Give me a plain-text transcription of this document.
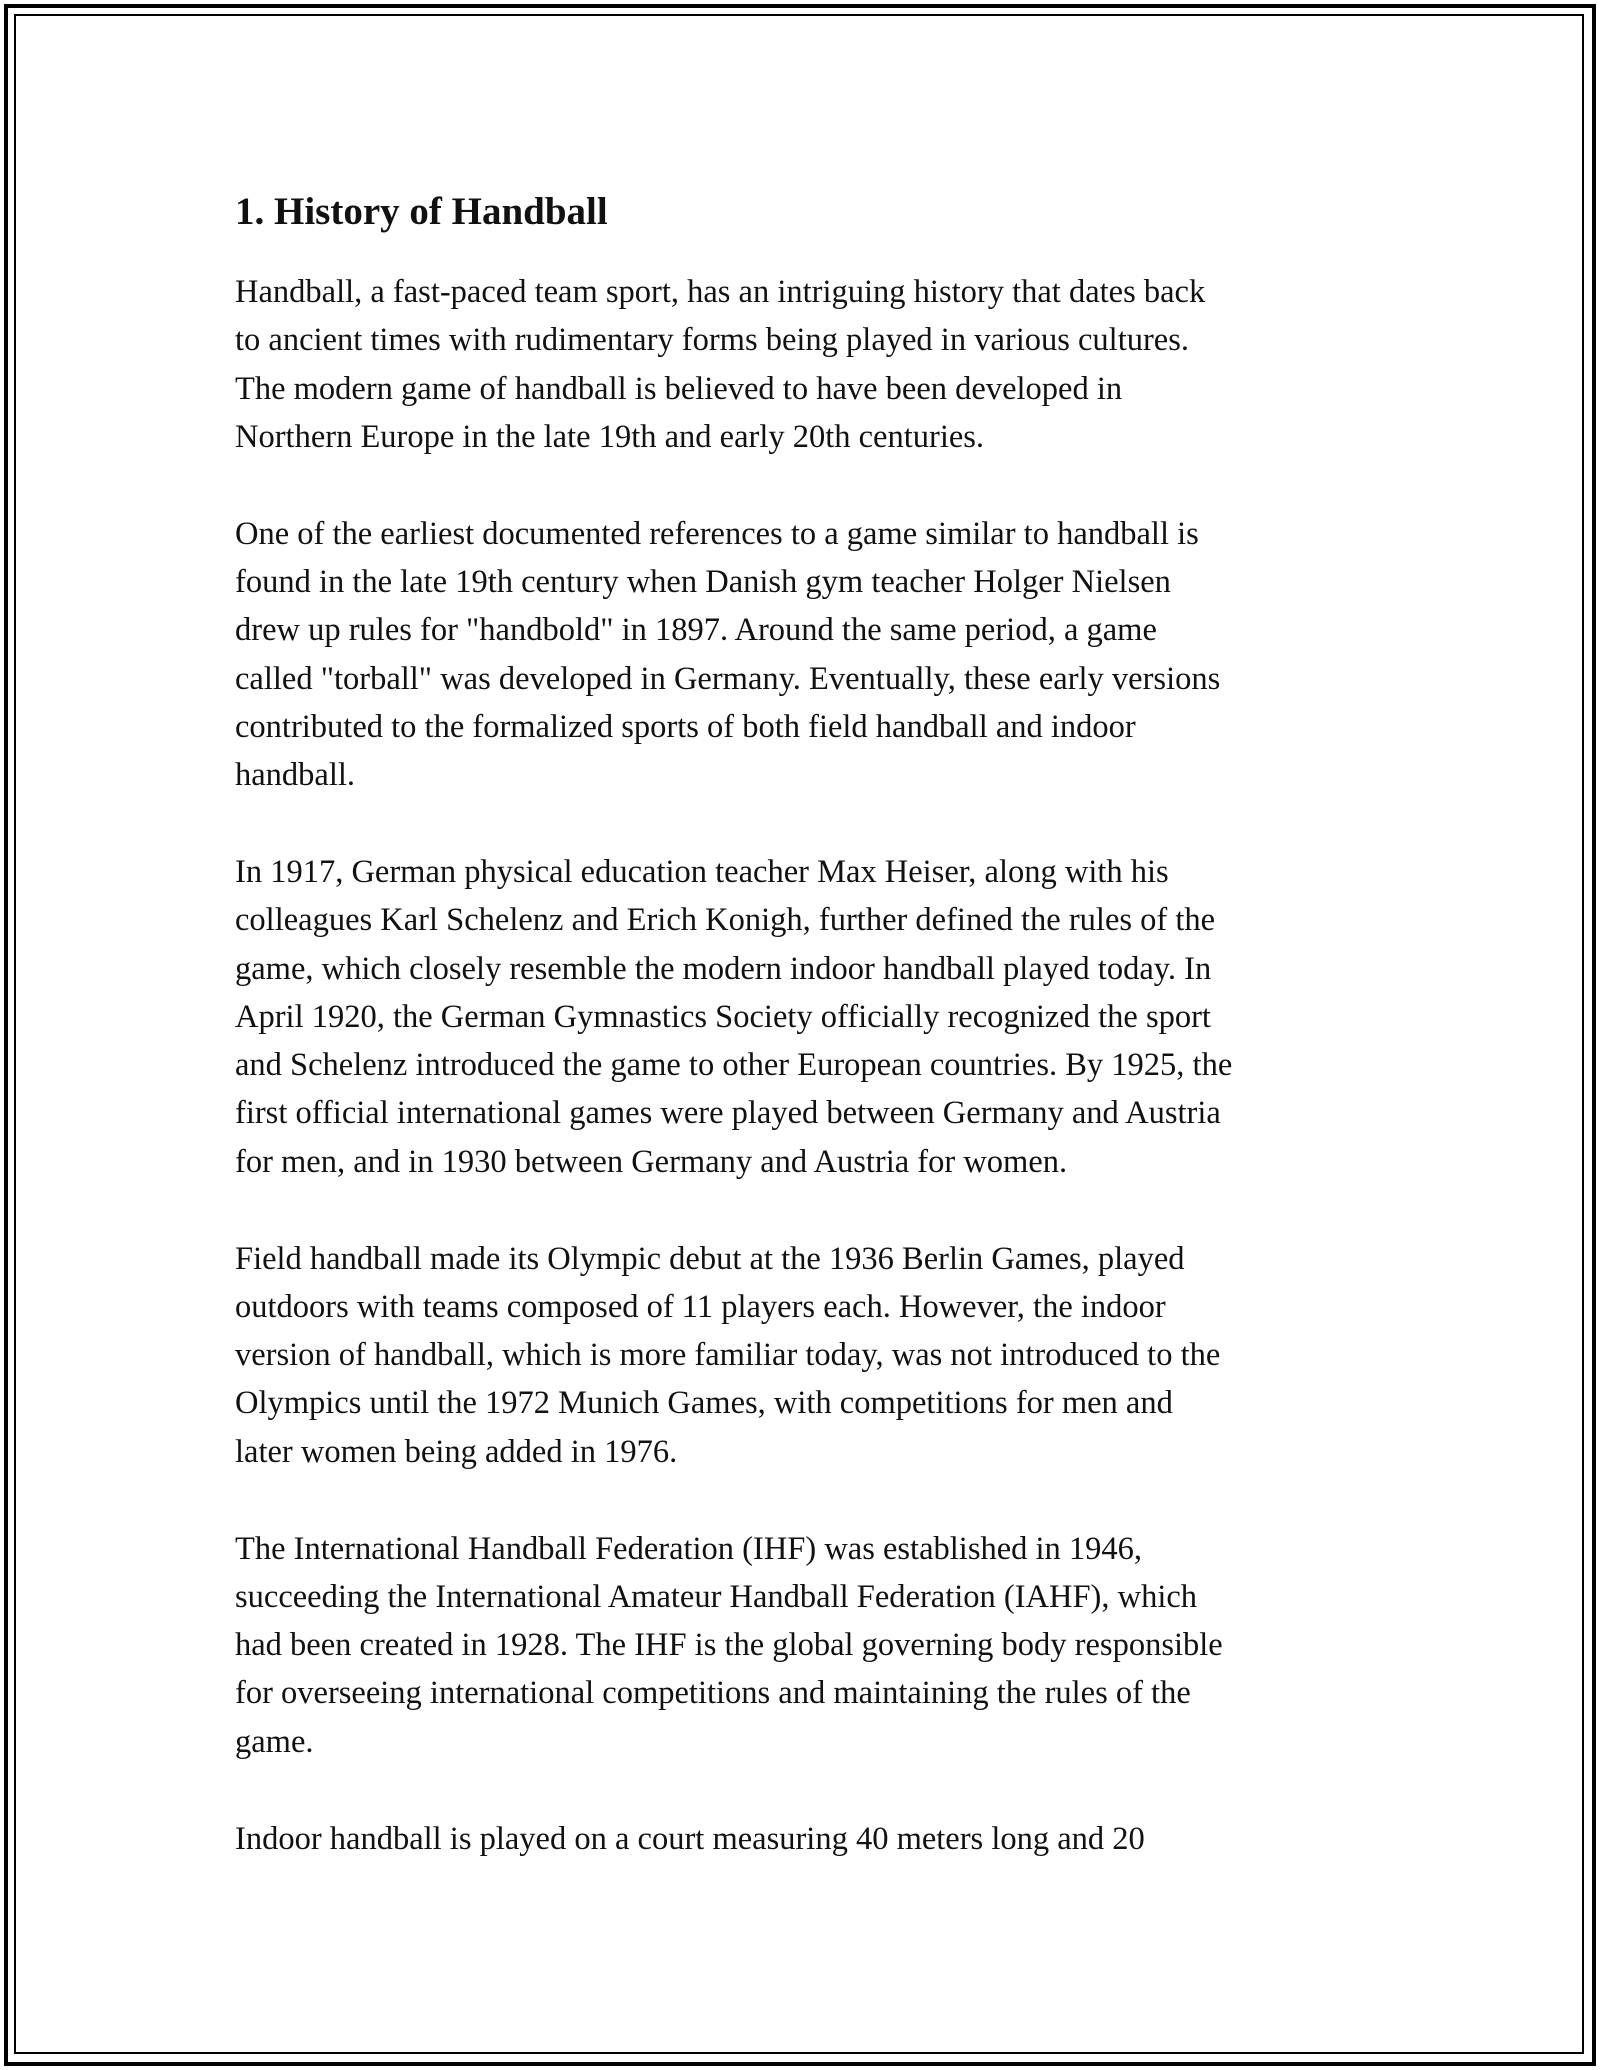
1. History of Handball

Handball, a fast-paced team sport, has an intriguing history that dates back
to ancient times with rudimentary forms being played in various cultures.
The modern game of handball is believed to have been developed in
Northern Europe in the late 19th and early 20th centuries.

One of the earliest documented references to a game similar to handball is
found in the late 19th century when Danish gym teacher Holger Nielsen
drew up rules for "handbold" in 1897. Around the same period, a game
called "torball" was developed in Germany. Eventually, these early versions
contributed to the formalized sports of both field handball and indoor
handball.

In 1917, German physical education teacher Max Heiser, along with his
colleagues Karl Schelenz and Erich Konigh, further defined the rules of the
game, which closely resemble the modern indoor handball played today. In
April 1920, the German Gymnastics Society officially recognized the sport
and Schelenz introduced the game to other European countries. By 1925, the
first official international games were played between Germany and Austria
for men, and in 1930 between Germany and Austria for women.

Field handball made its Olympic debut at the 1936 Berlin Games, played
outdoors with teams composed of 11 players each. However, the indoor
version of handball, which is more familiar today, was not introduced to the
Olympics until the 1972 Munich Games, with competitions for men and
later women being added in 1976.

The International Handball Federation (IHF) was established in 1946,
succeeding the International Amateur Handball Federation (IAHF), which
had been created in 1928. The IHF is the global governing body responsible
for overseeing international competitions and maintaining the rules of the
game.

Indoor handball is played on a court measuring 40 meters long and 20
